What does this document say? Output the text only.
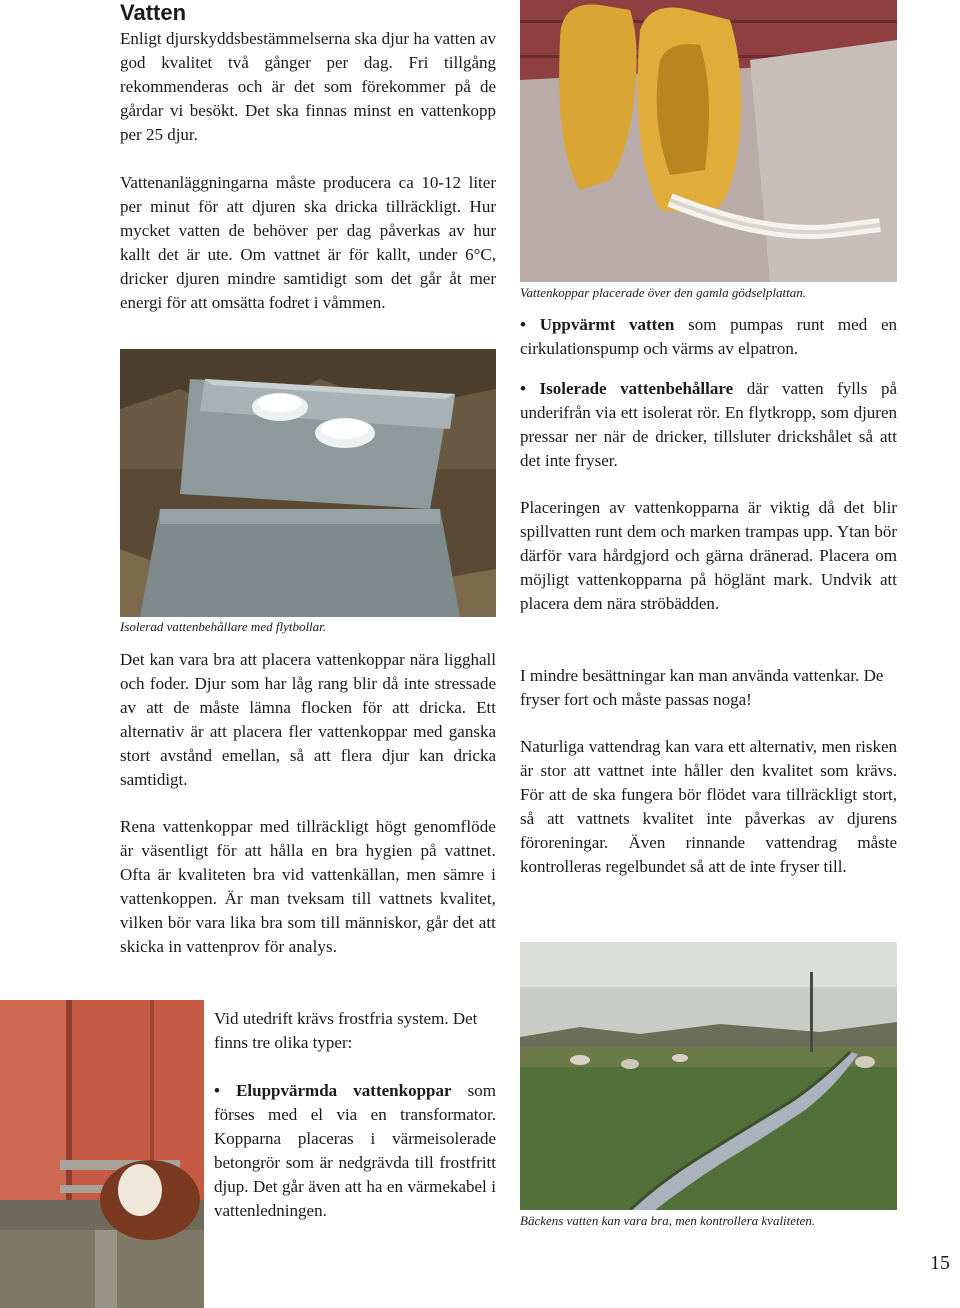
Vatten

Enligt djurskyddsbestämmelserna ska djur ha vatten av god kvalitet två gånger per dag. Fri tillgång rekommenderas och är det som förekommer på de gårdar vi besökt. Det ska finnas minst en vattenkopp per 25 djur.

Vattenanläggningarna måste producera ca 10-12 liter per minut för att djuren ska dricka tillräckligt. Hur mycket vatten de behöver per dag påverkas av hur kallt det är ute. Om vattnet är för kallt, under 6°C, dricker djuren mindre samtidigt som det går åt mer energi för att omsätta fodret i våmmen.

Isolerad vattenbehållare med flytbollar.

Det kan vara bra att placera vattenkoppar nära ligghall och foder. Djur som har låg rang blir då inte stressade av att de måste lämna flocken för att dricka. Ett alternativ är att placera fler vattenkoppar med ganska stort avstånd emellan, så att flera djur kan dricka samtidigt.

Rena vattenkoppar med tillräckligt högt genomflöde är väsentligt för att hålla en bra hygien på vattnet. Ofta är kvaliteten bra vid vattenkällan, men sämre i vattenkoppen. Är man tveksam till vattnets kvalitet, vilken bör vara lika bra som till människor, går det att skicka in vattenprov för analys.

Vid utedrift krävs frostfria system. Det finns tre olika typer:

• Eluppvärmda vattenkoppar som förses med el via en transformator. Kopparna placeras i värmeisolerade betongrör som är nedgrävda till frostfritt djup. Det går även att ha en värmekabel i vattenledningen.

Vattenkoppar placerade över den gamla gödselplattan.

• Uppvärmt vatten som pumpas runt med en cirkulationspump och värms av elpatron.

• Isolerade vattenbehållare där vatten fylls på underifrån via ett isolerat rör. En flytkropp, som djuren pressar ner när de dricker, tillsluter drickshålet så att det inte fryser.

Placeringen av vattenkopparna är viktig då det blir spillvatten runt dem och marken trampas upp. Ytan bör därför vara hårdgjord och gärna dränerad. Placera om möjligt vattenkopparna på höglänt mark. Undvik att placera dem nära ströbädden.

I mindre besättningar kan man använda vattenkar. De fryser fort och måste passas noga!

Naturliga vattendrag kan vara ett alternativ, men risken är stor att vattnet inte håller den kvalitet som krävs. För att de ska fungera bör flödet vara tillräckligt stort, så att vattnets kvalitet inte påverkas av djurens föroreningar. Även rinnande vattendrag måste kontrolleras regelbundet så att de inte fryser till.

Bäckens vatten kan vara bra, men kontrollera kvaliteten.

15
